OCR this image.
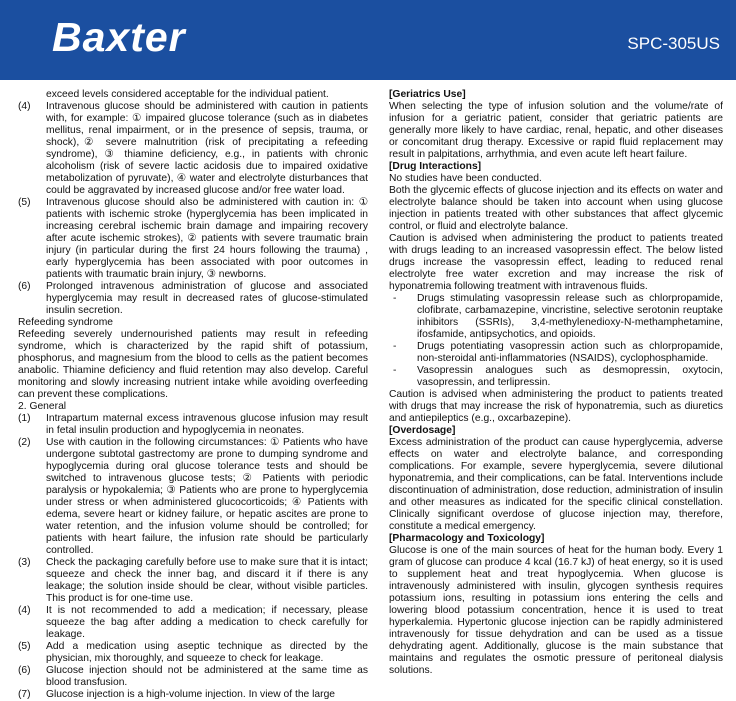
Baxter	SPC-305US

exceed levels considered acceptable for the individual patient.

(4)	Intravenous glucose should be administered with caution in patients with, for example: ① impaired glucose tolerance (such as in diabetes mellitus, renal impairment, or in the presence of sepsis, trauma, or shock),② severe malnutrition (risk of precipitating a refeeding syndrome), ③ thiamine deficiency, e.g., in patients with chronic alcoholism (risk of severe lactic acidosis due to impaired oxidative metabolization of pyruvate), ④ water and electrolyte disturbances that could be aggravated by increased glucose and/or free water load.
(5)	Intravenous glucose should also be administered with caution in: ① patients with ischemic stroke (hyperglycemia has been implicated in increasing cerebral ischemic brain damage and impairing recovery after acute ischemic strokes), ② patients with severe traumatic brain injury (in particular during the first 24 hours following the trauma) , early hyperglycemia has been associated with poor outcomes in patients with traumatic brain injury, ③ newborns.
(6)	Prolonged intravenous administration of glucose and associated hyperglycemia may result in decreased rates of glucose-stimulated insulin secretion.

Refeeding syndrome

Refeeding severely undernourished patients may result in refeeding syndrome, which is characterized by the rapid shift of potassium, phosphorus, and magnesium from the blood to cells as the patient becomes anabolic. Thiamine deficiency and fluid retention may also develop. Careful monitoring and slowly increasing nutrient intake while avoiding overfeeding can prevent these complications.

2. General

(1)	Intrapartum maternal excess intravenous glucose infusion may result in fetal insulin production and hypoglycemia in neonates.
(2)	Use with caution in the following circumstances: ① Patients who have undergone subtotal gastrectomy are prone to dumping syndrome and hypoglycemia during oral glucose tolerance tests and should be switched to intravenous glucose tests; ② Patients with periodic paralysis or hypokalemia; ③ Patients who are prone to hyperglycemia under stress or when administered glucocorticoids; ④ Patients with edema, severe heart or kidney failure, or hepatic ascites are prone to water retention, and the infusion volume should be controlled; for patients with heart failure, the infusion rate should be particularly controlled.
(3)	Check the packaging carefully before use to make sure that it is intact; squeeze and check the inner bag, and discard it if there is any leakage; the solution inside should be clear, without visible particles. This product is for one-time use.
(4)	It is not recommended to add a medication; if necessary, please squeeze the bag after adding a medication to check carefully for leakage.
(5)	Add a medication using aseptic technique as directed by the physician, mix thoroughly, and squeeze to check for leakage.
(6)	Glucose injection should not be administered at the same time as blood transfusion.
(7)	Glucose injection is a high-volume injection. In view of the large

[Geriatrics Use]

When selecting the type of infusion solution and the volume/rate of infusion for a geriatric patient, consider that geriatric patients are generally more likely to have cardiac, renal, hepatic, and other diseases or concomitant drug therapy. Excessive or rapid fluid replacement may result in palpitations, arrhythmia, and even acute left heart failure.

[Drug Interactions]

No studies have been conducted.

Both the glycemic effects of glucose injection and its effects on water and electrolyte balance should be taken into account when using glucose injection in patients treated with other substances that affect glycemic control, or fluid and electrolyte balance.

Caution is advised when administering the product to patients treated with drugs leading to an increased vasopressin effect. The below listed drugs increase the vasopressin effect, leading to reduced renal electrolyte free water excretion and may increase the risk of hyponatremia following treatment with intravenous fluids.

-	Drugs stimulating vasopressin release such as chlorpropamide, clofibrate, carbamazepine, vincristine, selective serotonin reuptake inhibitors (SSRIs), 3,4-methylenedioxy-N-methamphetamine, ifosfamide, antipsychotics, and opioids.
-	Drugs potentiating vasopressin action such as chlorpropamide, non-steroidal anti-inflammatories (NSAIDS), cyclophosphamide.
-	Vasopressin analogues such as desmopressin, oxytocin, vasopressin, and terlipressin.

Caution is advised when administering the product to patients treated with drugs that may increase the risk of hyponatremia, such as diuretics and antiepileptics (e.g., oxcarbazepine).

[Overdosage]

Excess administration of the product can cause hyperglycemia, adverse effects on water and electrolyte balance, and corresponding complications. For example, severe hyperglycemia, severe dilutional hyponatremia, and their complications, can be fatal. Interventions include discontinuation of administration, dose reduction, administration of insulin and other measures as indicated for the specific clinical constellation. Clinically significant overdose of glucose injection may, therefore, constitute a medical emergency.

[Pharmacology and Toxicology]

Glucose is one of the main sources of heat for the human body. Every 1 gram of glucose can produce 4 kcal (16.7 kJ) of heat energy, so it is used to supplement heat and treat hypoglycemia. When glucose is intravenously administered with insulin, glycogen synthesis requires potassium ions, resulting in potassium ions entering the cells and lowering blood potassium concentration, hence it is used to treat hyperkalemia. Hypertonic glucose injection can be rapidly administered intravenously for tissue dehydration and can be used as a tissue dehydrating agent. Additionally, glucose is the main substance that maintains and regulates the osmotic pressure of peritoneal dialysis solutions.
